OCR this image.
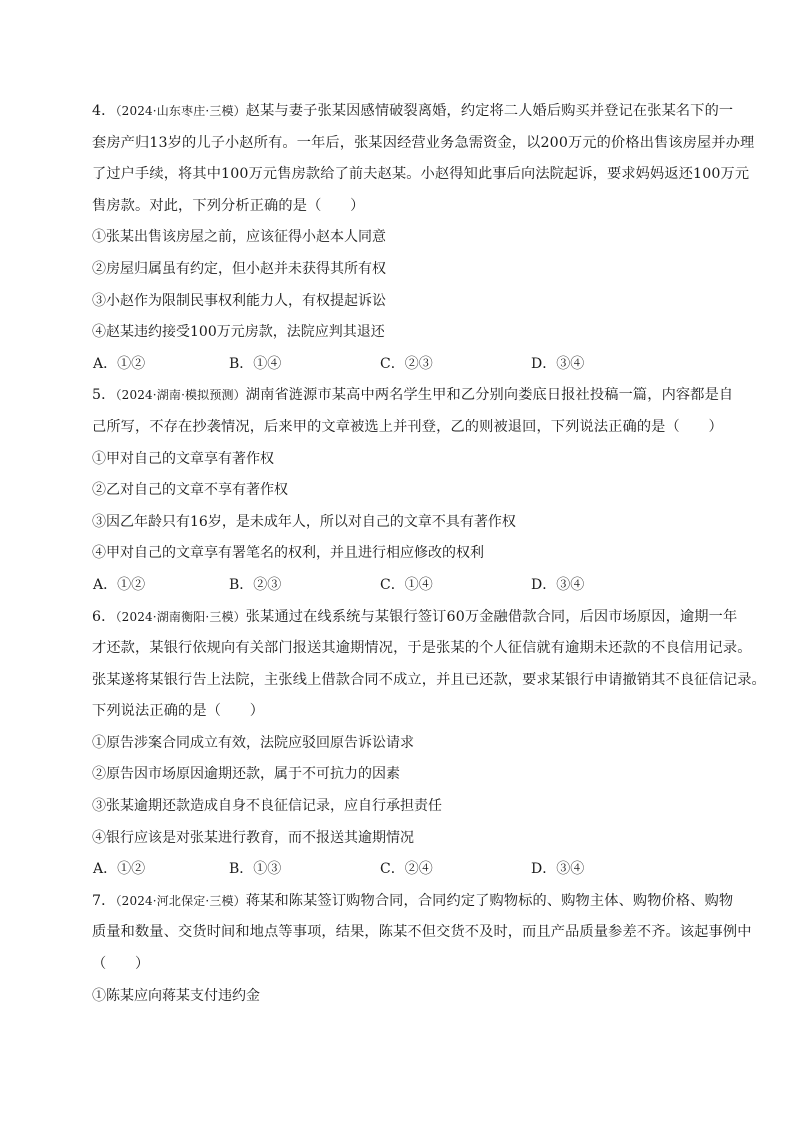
4．（2024·山东枣庄·三模）赵某与妻子张某因感情破裂离婚，约定将二人婚后购买并登记在张某名下的一
套房产归13岁的儿子小赵所有。一年后，张某因经营业务急需资金，以200万元的价格出售该房屋并办理
了过户手续，将其中100万元售房款给了前夫赵某。小赵得知此事后向法院起诉，要求妈妈返还100万元
售房款。对此，下列分析正确的是（　　）
①张某出售该房屋之前，应该征得小赵本人同意
②房屋归属虽有约定，但小赵并未获得其所有权
③小赵作为限制民事权利能力人，有权提起诉讼
④赵某违约接受100万元房款，法院应判其退还
A．①②	B．①④	C．②③	D．③④
5．（2024·湖南·模拟预测）湖南省涟源市某高中两名学生甲和乙分别向娄底日报社投稿一篇，内容都是自
己所写，不存在抄袭情况，后来甲的文章被选上并刊登，乙的则被退回，下列说法正确的是（　　）
①甲对自己的文章享有著作权
②乙对自己的文章不享有著作权
③因乙年龄只有16岁，是未成年人，所以对自己的文章不具有著作权
④甲对自己的文章享有署笔名的权利，并且进行相应修改的权利
A．①②	B．②③	C．①④	D．③④
6．（2024·湖南衡阳·三模）张某通过在线系统与某银行签订60万金融借款合同，后因市场原因，逾期一年
才还款，某银行依规向有关部门报送其逾期情况，于是张某的个人征信就有逾期未还款的不良信用记录。
张某遂将某银行告上法院，主张线上借款合同不成立，并且已还款，要求某银行申请撤销其不良征信记录。
下列说法正确的是（　　）
①原告涉案合同成立有效，法院应驳回原告诉讼请求
②原告因市场原因逾期还款，属于不可抗力的因素
③张某逾期还款造成自身不良征信记录，应自行承担责任
④银行应该是对张某进行教育，而不报送其逾期情况
A．①②	B．①③	C．②④	D．③④
7．（2024·河北保定·三模）蒋某和陈某签订购物合同，合同约定了购物标的、购物主体、购物价格、购物
质量和数量、交货时间和地点等事项，结果，陈某不但交货不及时，而且产品质量参差不齐。该起事例中
（　　）
①陈某应向蒋某支付违约金
